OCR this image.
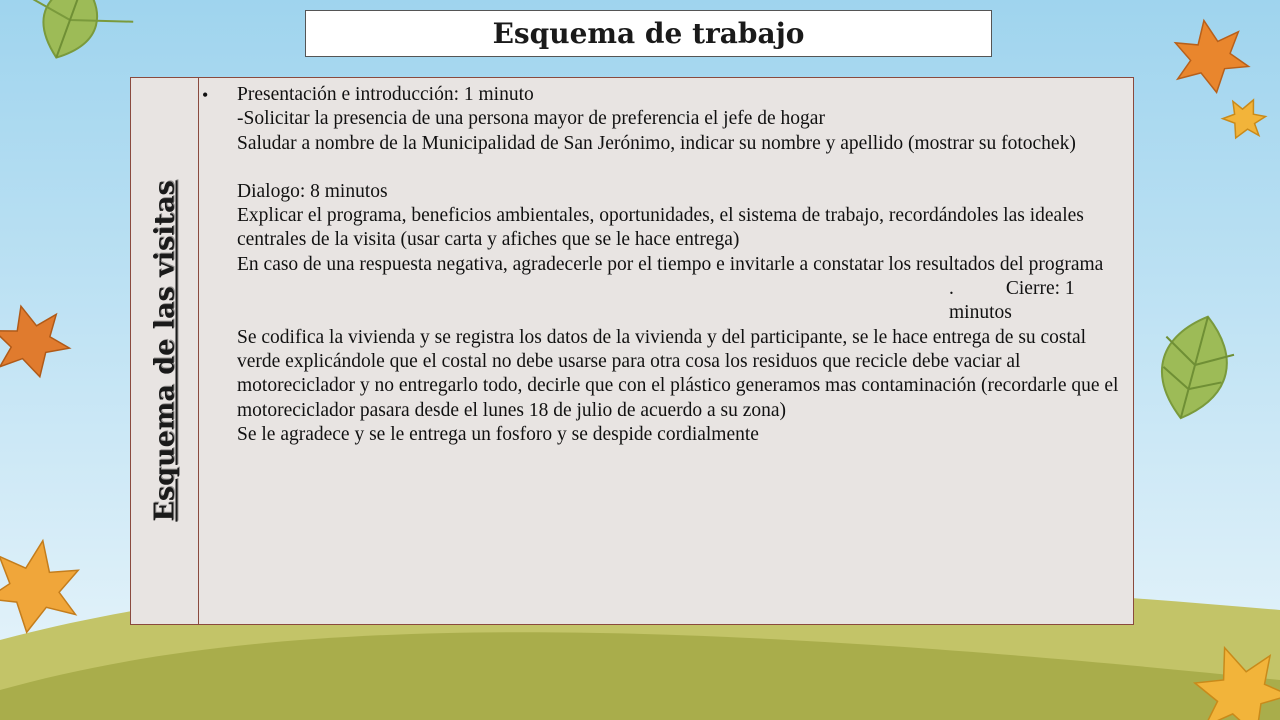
Esquema de trabajo
Esquema de las visitas
• Presentación e introducción: 1 minuto

-Solicitar la presencia de una persona mayor de preferencia el jefe de hogar

Saludar a nombre de la Municipalidad de San Jerónimo, indicar su nombre y apellido (mostrar su fotochek)

Dialogo: 8 minutos

Explicar el programa, beneficios ambientales, oportunidades, el sistema de trabajo, recordándoles las ideales centrales de la visita (usar carta y afiches que se le hace entrega)

En caso de una respuesta negativa, agradecerle por el tiempo e invitarle a constatar los resultados del programa

.	Cierre: 1 minutos

Se codifica la vivienda y se registra los datos de la vivienda y del participante, se le hace entrega de su costal verde explicándole que el costal no debe usarse para otra cosa los residuos que recicle debe vaciar al motoreciclador y no entregarlo todo, decirle que con el plástico generamos mas contaminación (recordarle que el motoreciclador pasara desde el lunes 18 de julio de acuerdo a su zona)

Se le agradece y se le entrega un fosforo y se despide cordialmente
